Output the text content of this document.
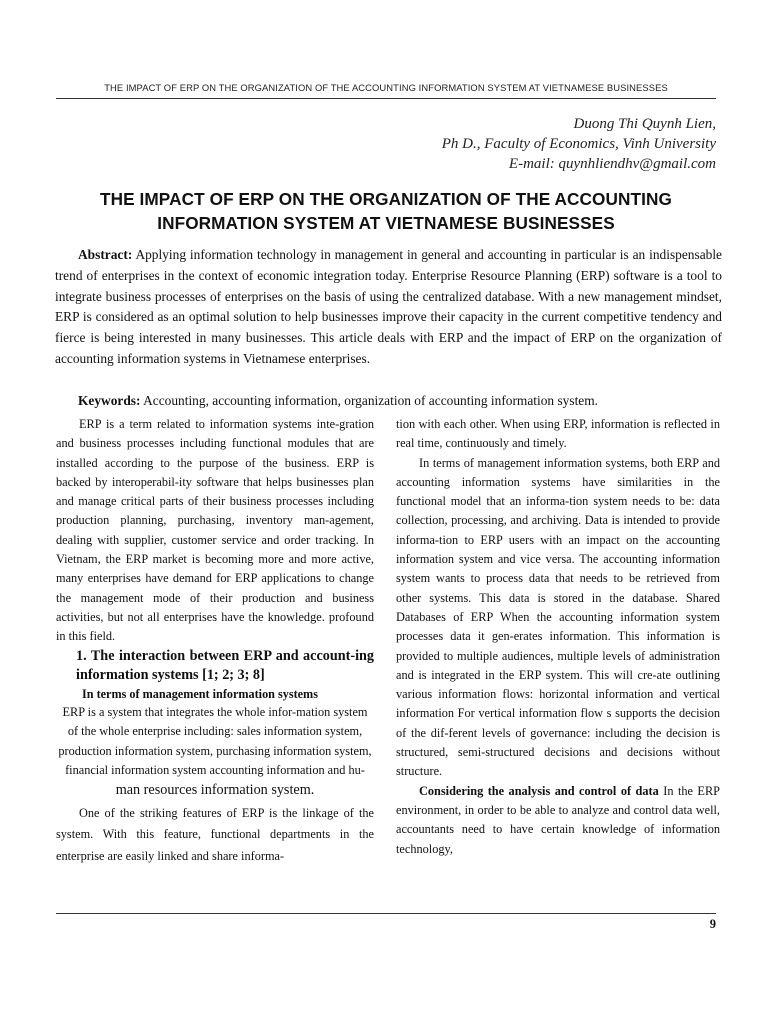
THE IMPACT OF ERP ON THE ORGANIZATION OF THE ACCOUNTING INFORMATION SYSTEM AT VIETNAMESE BUSINESSES
Duong Thi Quynh Lien,
Ph D., Faculty of Economics, Vinh University
E-mail: quynhliendhv@gmail.com
THE IMPACT OF ERP ON THE ORGANIZATION OF THE ACCOUNTING
INFORMATION SYSTEM AT VIETNAMESE BUSINESSES

Abstract: Applying information technology in management in general and accounting in particular is an indispensable trend of enterprises in the context of economic integration today. Enterprise Resource Planning (ERP) software is a tool to integrate business processes of enterprises on the basis of using the centralized database. With a new management mindset, ERP is considered as an optimal solution to help businesses improve their capacity in the current competitive tendency and fierce is being interested in many businesses. This article deals with ERP and the impact of ERP on the organization of accounting information systems in Vietnamese enterprises.

Keywords: Accounting, accounting information, organization of accounting information system.

ERP is a term related to information systems inte-gration and business processes including functional modules that are installed according to the purpose of the business. ERP is backed by interoperabil-ity software that helps businesses plan and manage critical parts of their business processes including production planning, purchasing, inventory man-agement, dealing with supplier, customer service and order tracking. In Vietnam, the ERP market is becoming more and more active, many enterprises have demand for ERP applications to change the management mode of their production and business activities, but not all enterprises have the knowledge. profound in this field.

1. The interaction between ERP and account-ing information systems [1; 2; 3; 8]

In terms of management information systems

ERP is a system that integrates the whole infor-mation system of the whole enterprise including: sales information system, production information system, purchasing information system, financial information system accounting information and hu-

man resources information system.

One of the striking features of ERP is the linkage of the system. With this feature, functional departments in the enterprise are easily linked and share informa-

tion with each other. When using ERP, information is reflected in real time, continuously and timely.

In terms of management information systems, both ERP and accounting information systems have similarities in the functional model that an informa-tion system needs to be: data collection, processing, and archiving. Data is intended to provide informa-tion to ERP users with an impact on the accounting information system and vice versa. The accounting information system wants to process data that needs to be retrieved from other systems. This data is stored in the database. Shared Databases of ERP When the accounting information system processes data it gen-erates information. This information is provided to multiple audiences, multiple levels of administration and is integrated in the ERP system. This will cre-ate outlining various information flows: horizontal information and vertical information For vertical information flow s supports the decision of the dif-ferent levels of governance: including the decision is structured, semi-structured decisions and decisions without structure.

Considering the analysis and control of data In the ERP environment, in order to be able to analyze and control data well, accountants need to have certain knowledge of information technology,

9
